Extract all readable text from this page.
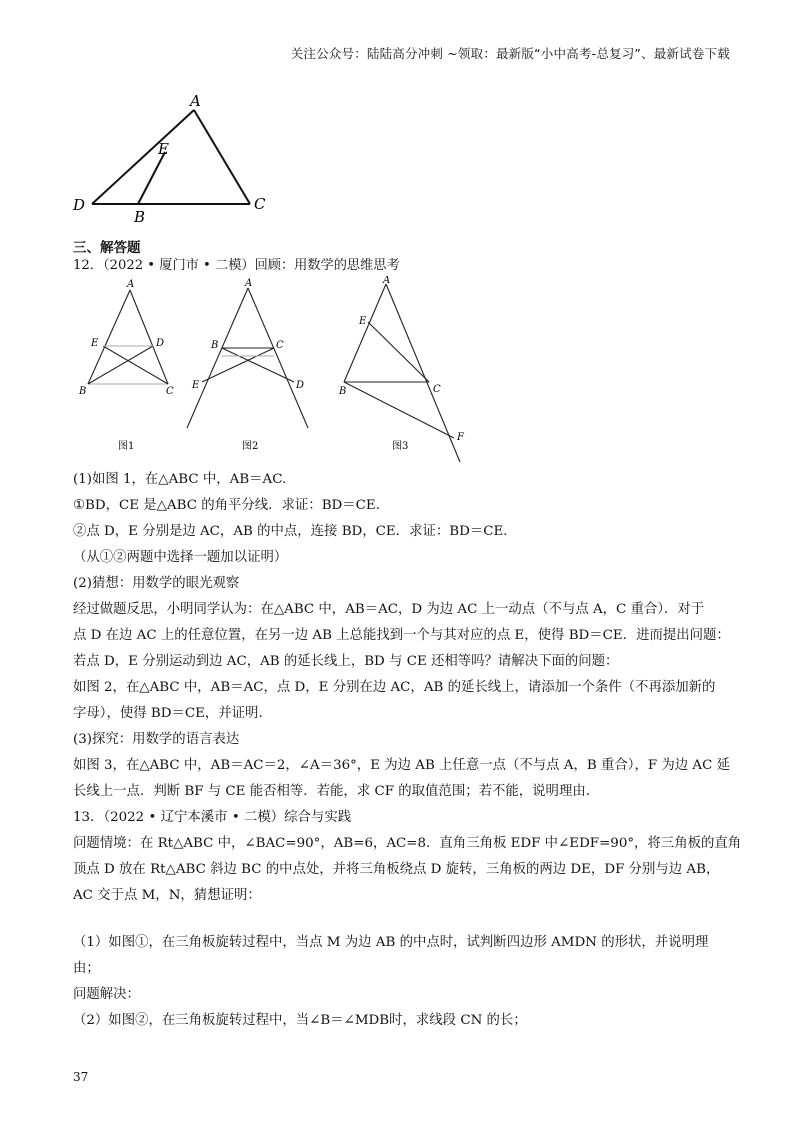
关注公众号：陆陆高分冲刺 ~领取：最新版“小中高考-总复习”、最新试卷下载
A
E
D
B
C
三、解答题
12．（2022 • 厦门市 • 二模）回顾：用数学的思维思考
A
E	D
B	C
图1
A
B	C
E	D
图2
A
E
B	C
F
图3
(1)如图 1，在△ABC 中，AB＝AC.
①BD，CE 是△ABC 的角平分线．求证：BD＝CE.
②点 D，E 分别是边 AC，AB 的中点，连接 BD，CE．求证：BD＝CE.
（从①②两题中选择一题加以证明）
(2)猜想：用数学的眼光观察
经过做题反思，小明同学认为：在△ABC 中，AB＝AC，D 为边 AC 上一动点（不与点 A，C 重合）．对于
点 D 在边 AC 上的任意位置，在另一边 AB 上总能找到一个与其对应的点 E，使得 BD＝CE．进而提出问题：
若点 D，E 分别运动到边 AC，AB 的延长线上，BD 与 CE 还相等吗？请解决下面的问题：
如图 2，在△ABC 中，AB＝AC，点 D，E 分别在边 AC，AB 的延长线上，请添加一个条件（不再添加新的
字母），使得 BD＝CE，并证明.
(3)探究：用数学的语言表达
如图 3，在△ABC 中，AB＝AC＝2，∠A＝36°，E 为边 AB 上任意一点（不与点 A，B 重合），F 为边 AC 延
长线上一点．判断 BF 与 CE 能否相等．若能，求 CF 的取值范围；若不能，说明理由.
13．（2022 • 辽宁本溪市 • 二模）综合与实践
问题情境：在 Rt△ABC 中，∠BAC=90°，AB=6，AC=8．直角三角板 EDF 中∠EDF=90°，将三角板的直角
顶点 D 放在 Rt△ABC 斜边 BC 的中点处，并将三角板绕点 D 旋转，三角板的两边 DE，DF 分别与边 AB，
AC 交于点 M，N，猜想证明：
（1）如图①，在三角板旋转过程中，当点 M 为边 AB 的中点时，试判断四边形 AMDN 的形状，并说明理
由；
问题解决：
（2）如图②，在三角板旋转过程中，当∠B＝∠MDB时，求线段 CN 的长；
37
